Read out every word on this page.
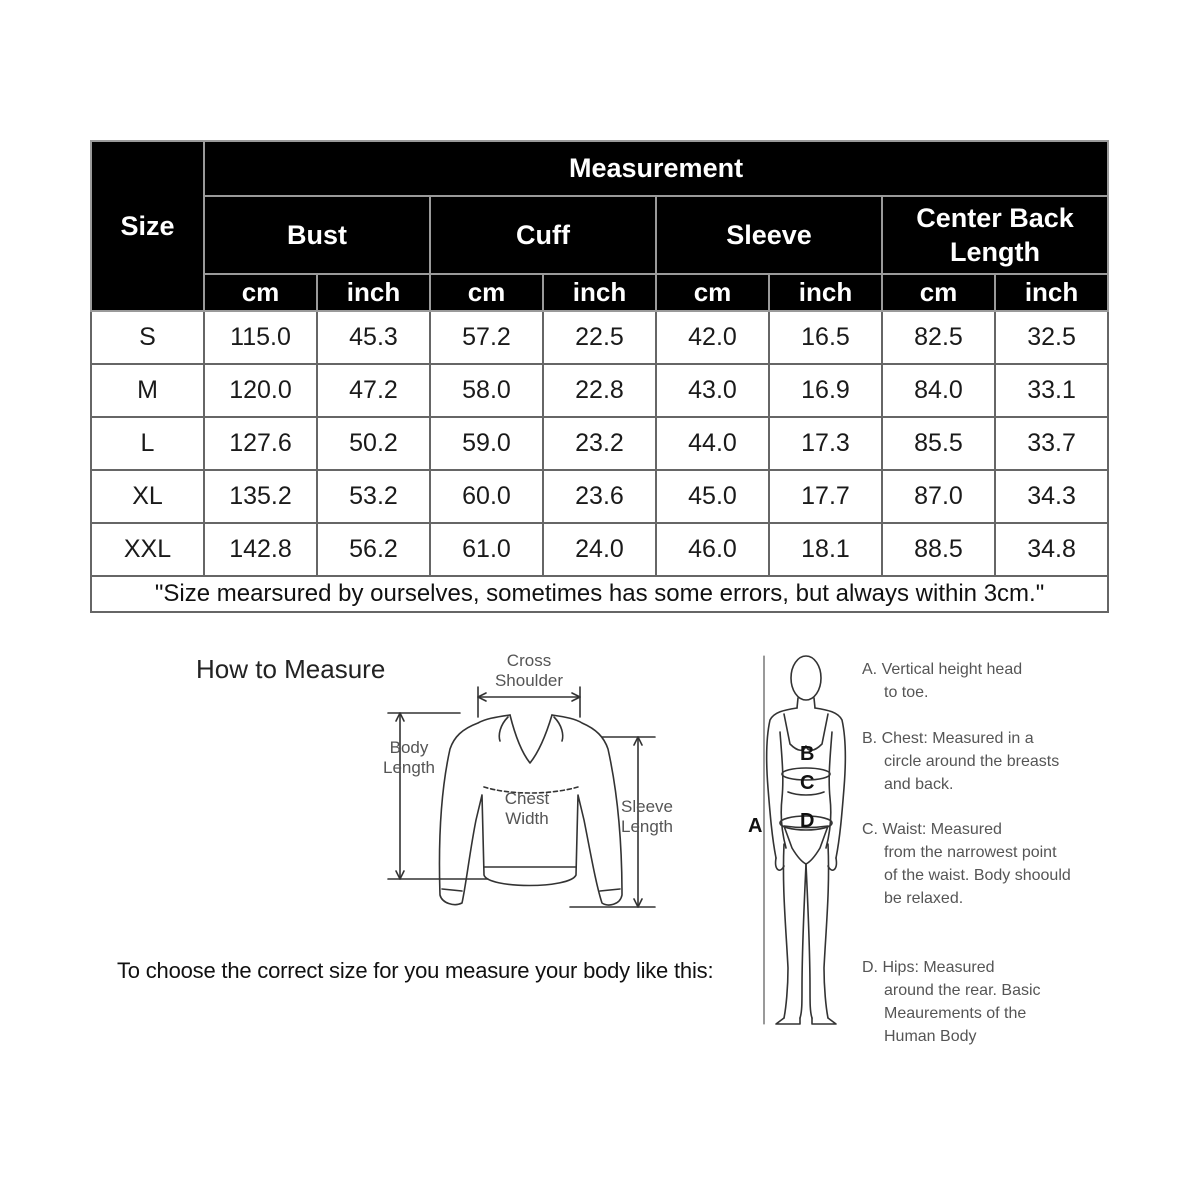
Size	Measurement							
	Bust		Cuff		Sleeve		Center Back Length	
	cm	inch	cm	inch	cm	inch	cm	inch
S	115.0	45.3	57.2	22.5	42.0	16.5	82.5	32.5
M	120.0	47.2	58.0	22.8	43.0	16.9	84.0	33.1
L	127.6	50.2	59.0	23.2	44.0	17.3	85.5	33.7
XL	135.2	53.2	60.0	23.6	45.0	17.7	87.0	34.3
XXL	142.8	56.2	61.0	24.0	46.0	18.1	88.5	34.8
"Size mearsured by ourselves, sometimes has some errors, but always within 3cm."								
How to Measure	Cross Shoulder
Body Length
Chest Width
Sleeve Length
To choose the correct size for you measure your body like this:
A
B
C
D
A. Vertical height head
to toe.
B. Chest: Measured in a
circle around the breasts and back.
C. Waist: Measured
from the narrowest point of the waist. Body shoould be relaxed.
D. Hips: Measured
around the rear. Basic Meaurements of the Human Body
